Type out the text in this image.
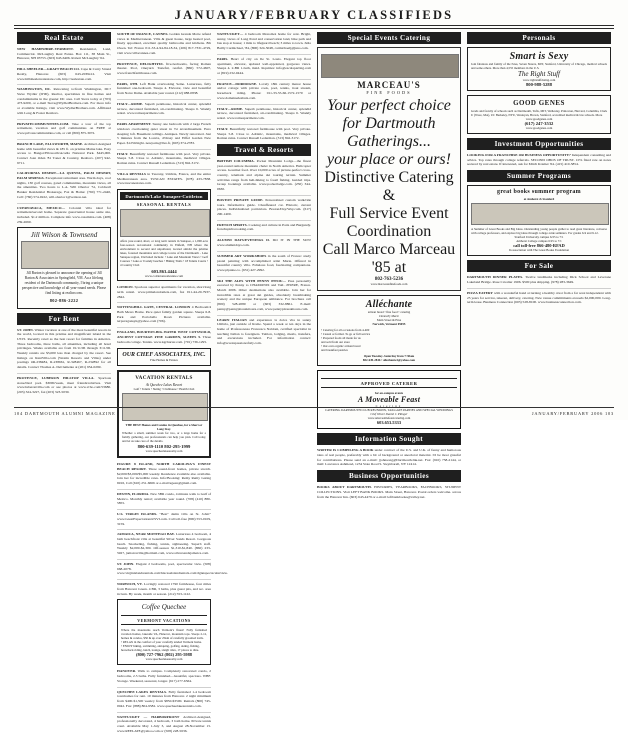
JANUARY/FEBRUARY CLASSIFIEDS
Real Estate
NEW HAMPSHIRE-VERMONT. Residential, Land, Commercial. McLaughry Real Estate. Box 111, 38 Main St., Hanover, NH 03755. (603) 643-6406. Robert McLaughry '64.
HILL SHEELER—GRAFT BEACH CO. Cape & Curry Strand Realty, Hanover. (603) 643-2039x12. Visit www.hillsheelerrealestate.com, http://realestate.com.
WASHINGTON, DC. Relocating to/from Washington, DC? Steve Wydler (D'90), Realtor, specializes in fine homes and condominiums in the greater DC area. Call Steve today at (703) 473-9200, or e-mail Steve@WydlerBrothers.com. For more info or available listings, visit www.WydlerBrothers.com. Affiliated with Long & Foster Realtors.
PRIVATECOMMUNITIES.COM. Take a tour of the top retirement, vacation and golf communities on FREE at www.privatecommunities.com, or call (800) 875-3072.
BRANCH LAKE, ELLSWORTH, MAINE. Architect-designed home with beautiful views & 185 ft. on pristine Maine lake. Easy access to Bangor/Ellsworth/Acadia National Park. $445,000. Contact Joan Oden '81 Toner & Country, Realtors. (207) 942-9711.
CALIFORNIA DESERT—LA QUINTA, PALM DESERT, PALM SPRINGS. Exceptional retirement area. Warm days, cool nights, 130 golf courses, gated communities, mountain views, all the amenities. Two hours to L.A. Will Obertor '51, Coldwell Banker Residential Brokerage, Fax & Home: (760) 771-2440, Cell: (760) 574-0222, will.obertor1@verizon.net.
CUERNAVACA, MEXICO— Colonial villa ideal for retirement/second home. Separate guest/rental house same site, included. $1.2 million. Complete info www.casamitra.com. (408) 239-2690.
Jill Wilson & Townsend
Jill Barton is pleased to announce the opening of Jill Barton & Associates in Springfield, VM. Au a lifelong resident of the Dartmouth community, I bring a unique perspective and knowledge of all year-round needs. Please find listing at realtor.com.
802-886-2222
For Rent
ST. JOHN. Winter vacation at one of the most beautiful resorts in the world, located in this pristine and magnificent island in the USVI. Recently rated as the best resort for families in America. Three bedrooms, three baths, all amenities, including all hotel privileges. Weeks available are from 01/11/06 through 3/11/06. Weekly rentals are $5,000 less than charged by the resort. See listings on RentVilla.com (Westin Resorts and Villas) under postings #R-238484, R-238661, R-328467, R-232892 for all details. Contact Thomas A. DeClemente at (201) 954-0299.
PROVENCE, LUBERON HILLTOP VILLA. Spacious stone/tiled pool. $3000/week, meet friends/relatives. Visit www.luberonvilla.com or see photos at www.vrbo.com/53680. (203) 324-3227, fax (203) 323-5030.
SOUTH OF FRANCE, CANNES. Golden Grande Motte refund views in Mediterranean. Villa & guest house, large heated pool, finely appointed, excellent quality bathrooms and kitchens. 8th Owen. Tel: France 011-33-4-94-84-18-34, (206) 817-7331-4729, visit www.villacannes.com.
PROVENCE, DELIGHTFUL five-bedrooms, facing Roman theater. Pool, vineyard. Tasteful, restful. (860) 572-4607, www.frenchfarmhouse.com.
PARIS, 6TH. Left Bank overlooking Seine. Luxurious, fully furnished one-bedroom. Sleeps 4. Elevator, view and beautiful from Notre Dame. Available year round. (212) 988-0838.
ITALY—ROME. Superb penthouse, historical center, splendid terrace, decorated furnished, air-conditioning. Sleeps 6. Weekly rental. www.romeapartment.com.
PARIS APARTMENT. Sunny one bedroom with 2 large French windows overlooking quiet street in 7st arrondissement. Euro sleeping loft. Basement ceilings. Antiques. Newly renovated. Just 5 minutes from the Louvre, d'Orsay and Eiffel Garden New Paper. $1250/night. newparis@live.fr, (603) 374-2783.
ITALY. Beautifully restored farmhouse with pool. Very private. Sleeps 5-8. Close to Adriatic, mountains, medieval villages. Roman ruins. Contact Russell Lederman. (313) 842-3172.
VILLA RENTALS in Tuscany, Umbria, France, and the entire Mediterranean area. TUSCAN ESTATES. (978) 433-7838. www.tuscanestates.com.
Dartmouth/Lake Sunapee-Cottleton
SEASONAL RENTALS
offers year-round, short, or long term rentals in Sunapee, a 1,000-acre four-season recreational community in Enfield, NH where the environment is second and unpolluted, located amidst the pristine lakes, forested mountains and college towns of the Dartmouth - Lake Sunapee region, Unrivaled include: • Lake and Mountain Views • Golf Courses • Lake or 9 sandy beaches • Hiking Trails • 18 Tennis Courts • 4 Country Club
603.863.4444
www.cottletonrealestate.com
LONDON. Spacious superior apartments for vacation, short/long term rental. www.primelondonlets.com, fax 011-44-20-7937-2842.
NOTTINGHILL GATE, CENTRAL LONDON 4 Bedroom/4 Bath Mews Home. Pace quiet family garden square. Sleeps 6-8. Park and Portobello Road. Pictures available. terpsvagansyn@yahoo.com (706).
ENGLAND, BOURTON-BIG-WATER WEST COTSWOLD, ANCIENT COTTAGE FINE GARDEN, SLEEPS 5. Three bedroom cottage. Tennis. www.kgcharter.com. (701) 736-1295.
OUR CHEF ASSOCIATES, INC.
Fine Homes & Estates
VACATION RENTALS
At Quechee Lakes Resort
Golf • Tennis • Skiing • Clubhouse • Health Club
THE BEST Homes and Condos in Quechee, for a Short or Long Stay.
Whether a small, summer week for two, or a large home for a family gathering, our professionals can help you plan. Call today, and let us take care of the details.
800-639-1110 802-295-1999
www.quecheelakesrealty.com
FIGURE 8 ISLAND, NORTH CAROLINA'S FINEST BEACH RESORT. Three sound-front homes, private stretch. $2,000/$3,000/$5,000 weekly. Residence available also available. Join her for incredible rates. Info/Booking: Remy Remy Gating 6916, Call (610) 251-6666 or e-mail kgeen@gmail.com.
DESTIN, FLORIDA. New 3BR condo, 4 minute walk to Gulf of Mexico. Monthly rental; available year round. (708) (410) 880-5855.
U.S. VIRGIN ISLANDS. "Best" damn villa on St. John!" www.GreatExpectationsUSVI.com. Call toll-free (800) 553-0109, 3159.
JAMAICA, NEAR MONTEGO BAY. Luxurious 4 bedroom, 4 bath beachfront villa at beautiful Silver Sands Resort. Gorgeous beach. Snorkeling, fishing, tennis, sightseeing. Superb staff. Weekly $2,000-$2,300. Off-season $1,310-$1,840. (860) 233-5927, jamaicavilla@hotmail.com, www.silversandsjamaica.com.
ST. JOHN. Elegant 2 bedrooms, pool, spectacular view. (508) 668-2078. www.virginislandsrentals.com/hiscaselslandrentals.com/dgnnspectacularview.
NORWICH, VT. Lovingly restored 1790 farmhouse, four miles from Hanover Green. 4 BR, 3 baths, plus guest pits, and rec. area in barn. By week, month or season. (212) 553-1122.
Coffee Quechee
VERMONT VACATIONS
Where the mountains reach Vermont's finest! Fully furnished vacation homes, lakeside VA, Hanover, mountain tops. Sleeps 2-12, homes & condos, $50 & up over 25km of carefully groomed trails.
• RELAX in the comfort of your carefully tended Vermont home.
• ENJOY hiking, swimming, antiquing, golfing, skiing, fishing, horseback riding, lunch, lounge, sleigh rides, 17 places to dine.
(800) 727-7962 (802) 295-5988
www.quecheelakesrealty.com
HANOVER. Walk to campus. Completely renovated condo, 2 bedrooms, 2.5 baths. Fully furnished—beautiful, spacious. WBF. Storage. Weekend, seasonal, longer. (617) 277-6564.
QUECHEE LAKES RENTALS. Fully furnished 1-4 bedroom townhomes for rent. 10 minutes from Hanover. 2 night minimum from $400-$1,500 week/y from $850-$3500. Rentals (800) 745-0042. Fax: (888) 804-9582. www.quecheelakesrentals.com.
NANTUCKET — HARBORFRONT Architect-designed, professionally decorated, 4 bedroom, 3 bath home. Private tennis court. Available May 1-July 3, and August 28-November 15. www.REELATE@yahoo.com or (508) 228-5636.
NANTUCKET— 4 bedroom Monomoi home for rent. Bright, sunny, views of Long Pond and conservation land, bike path and bus stop at house; 1 mile to lifeguard beach; 3 miles to town. Julia Bailly Carmichael, '84, (800) 324-5048, carmichaelj@juno.com.
PARIS. Heart of city on Ile St. Louis. Elegant top floor apartment, elevator, updated well-appointed, gorgeous views. Sleeps 4. 2-BR 1-bath, maid. Inquiries: info@escalaparting.com or (819) 232-0444.
FRANCE—DORDOGNE. Lovely 18th century manor house and/or cottage with private cook, pool, tennis, trout stream, horseback riding. Phone: 011-33-55-66-1572-1570 or www.domainedesbuis.com.
ITALY—ROME. Superb penthouse, historical center, splendid terrace, decorated furnished, air-conditioning. Sleeps 6. Weekly rental. www.romeapartment.com.
ITALY. Beautifully restored farmhouse with pool. Very private. Sleeps 5-8. Close to Adriatic, mountains, medieval villages. Roman ruins. Contact Russell Lederman. (313) 842-3172.
Travel & Resorts
BRITISH COLUMBIA. Pocket Mountain Lodge—the finest year-round remote mountain chalet in North America. Helicopter access. Gourmet food. Over 10,000 acres of picture-perfect cross-country, telemark and alpine ski touring terrain. Summer activities range from heli-hiking to fossil fishing. Guided trips. Group bookings available. www.pocketlodge.com. (250) 344-0630.
BOSTON PRIVATE GUIDE. Personalized custom walk/ride tours. Informative guide. Chauffeured car. Historic, current places. Individualized particulars. Boston/Day/Way.com. (617) 290-1400.
FRENCH SPIRITS. Cooking and culture in Paris and Burgundy. frenchspiritscooking.com.
ALUMNI DAYS/EVENINGS II. DO IT IN THE SUN! www.alumnidays.com.
SUMMER ART WORKSHOPS in the south of France: study pastel painting with accomplished artist Marie. Offered in beautiful country villa. Fabulous food, fascinating companions. www.plpaine.co. (631) 427-2992.
SKI THE ALPS WITH PENNY PITOU— Pass personally escorted by Penny to CHAMONIX and VAL d'ISERE, France. March 2006. Other destinations also available. Join her for incredible rates at great ski guides, absolutely breathtaking scenery and the unique European ambiance. For brochure call (800) 528-2080 or (603) 332-8861. E-mail: penny@pennypitouskitours.com, www.pennypitouskitours.com.
LEARN ITALIAN and experience la dolce vita in sunny Umbria, just outside of Rome. Spend a week or ten days in the home of Professoressa Francesca Naldoni, certified specialist in teaching Italian to foreigners. Tuition, lodging, meals, transfers, and excursions included. For information contact: info@scuolapassionoftaly.com.
Special Events Catering
MARCEAU'S
FINE FOODS
Your perfect choice for Dartmouth Gatherings...
your place or ours!
Distinctive Catering &
Full Service Event Coordination
Call Marco Marceau '85 at
802-763-5236
www.marceausfinefoods.com
Alléchante
artisan bread • fine food • catering
Donnelly Martz
Main Street & Etna
Norwich, Vermont 05055
• Catering for all occasions from 4-400
• Casual or formal. To go or full service
• Prepared foods all made for us
and sold from our store
• Our own organic artisan bread
and breakfast pastries
Open Tuesday–Saturday from 7:30am
802-649-2846 • allechante1@yahoo.com
APPROVED CATERER
for on-campus events
A Moveable Feast
Catering
CATERING DARTMOUTH CLUB REUNIONS, TAILGATE PARTIES AND SPECIAL WEDDINGS
Chef Oliver Daniel J. Pittsger
www.amoveablefeastcatering.com
603.653.5333
Information Sought
WRITER IS COMPILING A BOOK under contract of the U.S. and U.K. of funny and humorous tales of real people, preferably with a bit of background or anecdotal material. I'd be most grateful for contributions. Please send an e-mail: jjohnsong@Dartmouth.Ink.net. Fax: (910) 758-2144, or mail: Lawrence Ashmead, 1234 State Road S. Steynbarell, NY 12414.
Business Opportunities
BOOKS ABOUT DARTMOUTH. HISTORIES, YEARBOOKS, FACEBOOKS, STUDENT COLLECTIONS. Visit LEFT BANK BOOKS. Main Street, Hanover. Postal orders welcome. across from the Hanover Inn. (603) 643-4479 or e-mail: leftbankbooks@valley.net.
Personals
Smart is Sexy
Join fabulous and family of the Ivies, Seven Sisters, MIT, Stanford, University of Chicago, medical schools and some others. More than 4,555 members in the U.S.
The Right Stuff
www.rightstuffdating.com
800-988-5288
GOOD GENES
Grads and faculty of schools such as Dartmouth, Tufts, MIT, Wellesley, Princeton, Harvard, Columbia, Clark U (Wore, MA), UC Berkeley, NYU, Wesleyan, Brown, Stanford, accredited medical & law schools. More
www.goodgenes.com
(617) 247-3532
www.goodgenes.com
Investment Opportunities
LOOKING FOR A FRANCHISE OR BUSINESS OPPORTUNITY? Independent consulting and advice. Top rates through college referrals. SECOND OBOS OF TRUST. 10% fixed rate on notes secured by real estate. If interested, ask for Mitch Kramer '64. (415) 410-5854.
Summer Programs
great books summer program
at Amherst & Stanford
A Summer of Great Books and Big Ideas. Outstanding young people gather to read great literature, converse with college professors, and explore big ideas through college-wide seminars. For grades 6-9 and 9-12.
Stanford University campus 6/25 to 7/1
Amherst College campus 6/25 to 7/1
call toll-free 866-480-RFAD
In association with The Great Books Foundation
For Sale
DARTMOUTH DINNER PLATES. Twelve landmarks including Dick School and Leverone Lakeland Bridge. Rose Cavalier 1906. $500 plus shipping. (978) 283-3649.
PIZZA EATERY with a wonderful hand at turning a healthy crust from a far west independent with 25 years for service, takeout, delivery, catering. New venue commitments exceeds $2,000,000. Long-term lease. Business Connection (603) 528-8100. www.businessconnection.com.
104 DARTMOUTH ALUMNI MAGAZINE	JANUARY/FEBRUARY 2006 103
